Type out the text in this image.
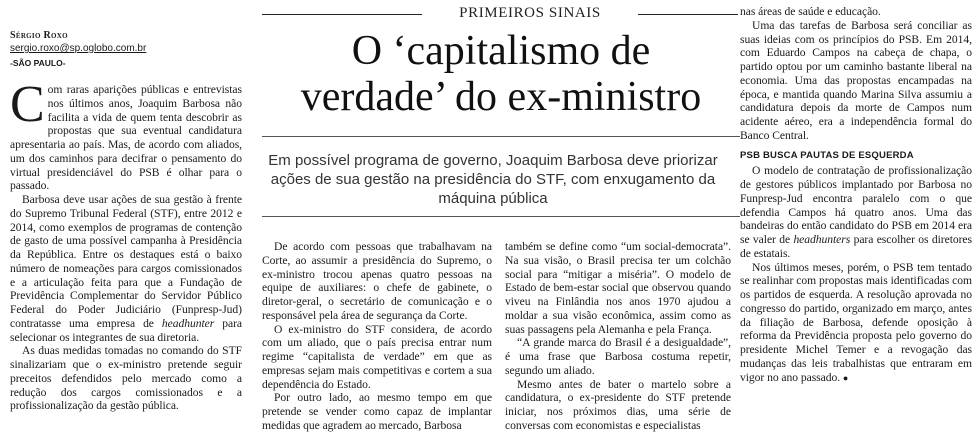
PRIMEIROS SINAIS
O ‘capitalismo de
verdade’ do ex-ministro
Em possível programa de governo, Joaquim Barbosa deve priorizar ações de sua gestão na presidência do STF, com enxugamento da máquina pública
Sérgio Roxo
sergio.roxo@sp.oglobo.com.br
-SÃO PAULO-

Com raras aparições públicas e entrevistas nos últimos anos, Joaquim Barbosa não facilita a vida de quem tenta descobrir as propostas que sua eventual candidatura apresentaria ao país. Mas, de acordo com aliados, um dos caminhos para decifrar o pensamento do virtual presidenciável do PSB é olhar para o passado.

Barbosa deve usar ações de sua gestão à frente do Supremo Tribunal Federal (STF), entre 2012 e 2014, como exemplos de programas de contenção de gasto de uma possível campanha à Presidência da República. Entre os destaques está o baixo número de nomeações para cargos comissionados e a articulação feita para que a Fundação de Previdência Complementar do Servidor Público Federal do Poder Judiciário (Funpresp-Jud) contratasse uma empresa de headhunter para selecionar os integrantes de sua diretoria.

As duas medidas tomadas no comando do STF sinalizariam que o ex-ministro pretende seguir preceitos defendidos pelo mercado como a redução dos cargos comissionados e a profissionalização da gestão pública.

De acordo com pessoas que trabalhavam na Corte, ao assumir a presidência do Supremo, o ex-ministro trocou apenas quatro pessoas na equipe de auxiliares: o chefe de gabinete, o diretor-geral, o secretário de comunicação e o responsável pela área de segurança da Corte.

O ex-ministro do STF considera, de acordo com um aliado, que o país precisa entrar num regime “capitalista de verdade” em que as empresas sejam mais competitivas e cortem a sua dependência do Estado.

Por outro lado, ao mesmo tempo em que pretende se vender como capaz de implantar medidas que agradem ao mercado, Barbosa

também se define como “um social-democrata”. Na sua visão, o Brasil precisa ter um colchão social para “mitigar a miséria”. O modelo de Estado de bem-estar social que observou quando viveu na Finlândia nos anos 1970 ajudou a moldar a sua visão econômica, assim como as suas passagens pela Alemanha e pela França.

“A grande marca do Brasil é a desigualdade”, é uma frase que Barbosa costuma repetir, segundo um aliado.

Mesmo antes de bater o martelo sobre a candidatura, o ex-presidente do STF pretende iniciar, nos próximos dias, uma série de conversas com economistas e especialistas

nas áreas de saúde e educação.

Uma das tarefas de Barbosa será conciliar as suas ideias com os princípios do PSB. Em 2014, com Eduardo Campos na cabeça de chapa, o partido optou por um caminho bastante liberal na economia. Uma das propostas encampadas na época, e mantida quando Marina Silva assumiu a candidatura depois da morte de Campos num acidente aéreo, era a independência formal do Banco Central.

PSB BUSCA PAUTAS DE ESQUERDA

O modelo de contratação de profissionalização de gestores públicos implantado por Barbosa no Funpresp-Jud encontra paralelo com o que defendia Campos há quatro anos. Uma das bandeiras do então candidato do PSB em 2014 era se valer de headhunters para escolher os diretores de estatais.

Nos últimos meses, porém, o PSB tem tentado se realinhar com propostas mais identificadas com os partidos de esquerda. A resolução aprovada no congresso do partido, organizado em março, antes da filiação de Barbosa, defende oposição à reforma da Previdência proposta pelo governo do presidente Michel Temer e a revogação das mudanças das leis trabalhistas que entraram em vigor no ano passado. ●
